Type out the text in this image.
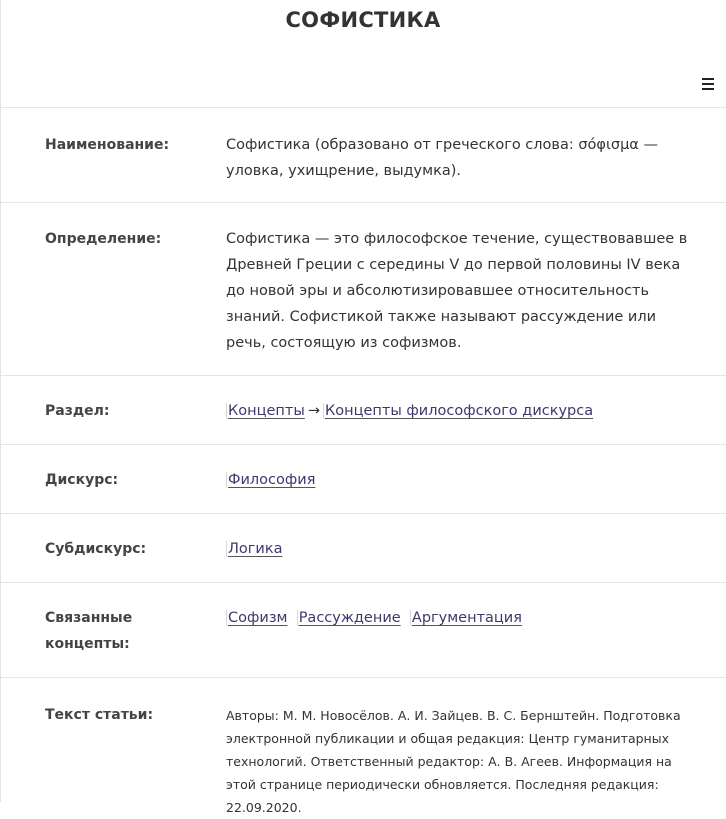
СОФИСТИКА
Наименование:	Софистика (образовано от греческого слова: σόφισμα — уловка, ухищрение, выдумка).
Определение:	Софистика — это философское течение, существовавшее в Древней Греции с середины V до первой половины IV века до новой эры и абсолютизировавшее относительность знаний. Софистикой также называют рассуждение или речь, состоящую из софизмов.
Раздел:	Концепты → Концепты философского дискурса
Дискурс:	Философия
Субдискурс:	Логика
Связанные концепты:
Софизм Рассуждение Аргументация
Текст статьи:	Авторы: М. М. Новосёлов. А. И. Зайцев. В. С. Бернштейн. Подготовка электронной публикации и общая редакция: Центр гуманитарных технологий. Ответственный редактор: А. В. Агеев. Информация на этой странице периодически обновляется. Последняя редакция: 22.09.2020.
